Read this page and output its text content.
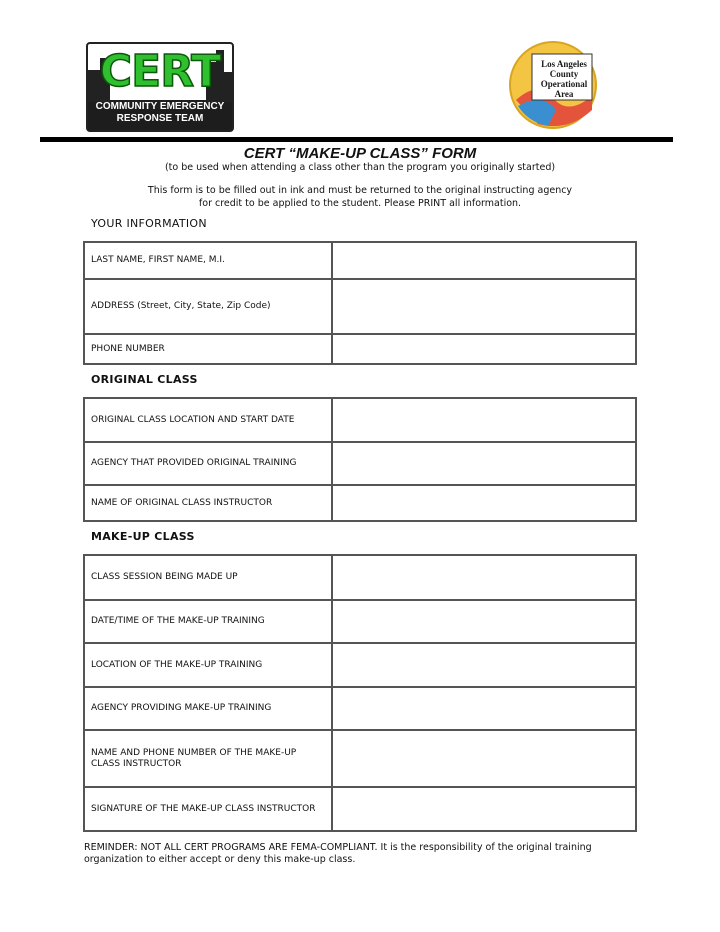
CERT
COMMUNITY EMERGENCY
RESPONSE TEAM
Los Angeles
County
Operational
Area
CERT “MAKE-UP CLASS” FORM
(to be used when attending a class other than the program you originally started)
This form is to be filled out in ink and must be returned to the original instructing agency
for credit to be applied to the student. Please PRINT all information.
YOUR INFORMATION
LAST NAME, FIRST NAME, M.I.	
ADDRESS (Street, City, State, Zip Code)	
PHONE NUMBER	
ORIGINAL CLASS
ORIGINAL CLASS LOCATION AND START DATE	
AGENCY THAT PROVIDED ORIGINAL TRAINING	
NAME OF ORIGINAL CLASS INSTRUCTOR	
MAKE-UP CLASS
CLASS SESSION BEING MADE UP	
DATE/TIME OF THE MAKE-UP TRAINING	
LOCATION OF THE MAKE-UP TRAINING	
AGENCY PROVIDING MAKE-UP TRAINING	
NAME AND PHONE NUMBER OF THE MAKE-UP CLASS INSTRUCTOR	
SIGNATURE OF THE MAKE-UP CLASS INSTRUCTOR	
REMINDER: NOT ALL CERT PROGRAMS ARE FEMA-COMPLIANT. It is the responsibility of the original training organization to either accept or deny this make-up class.
